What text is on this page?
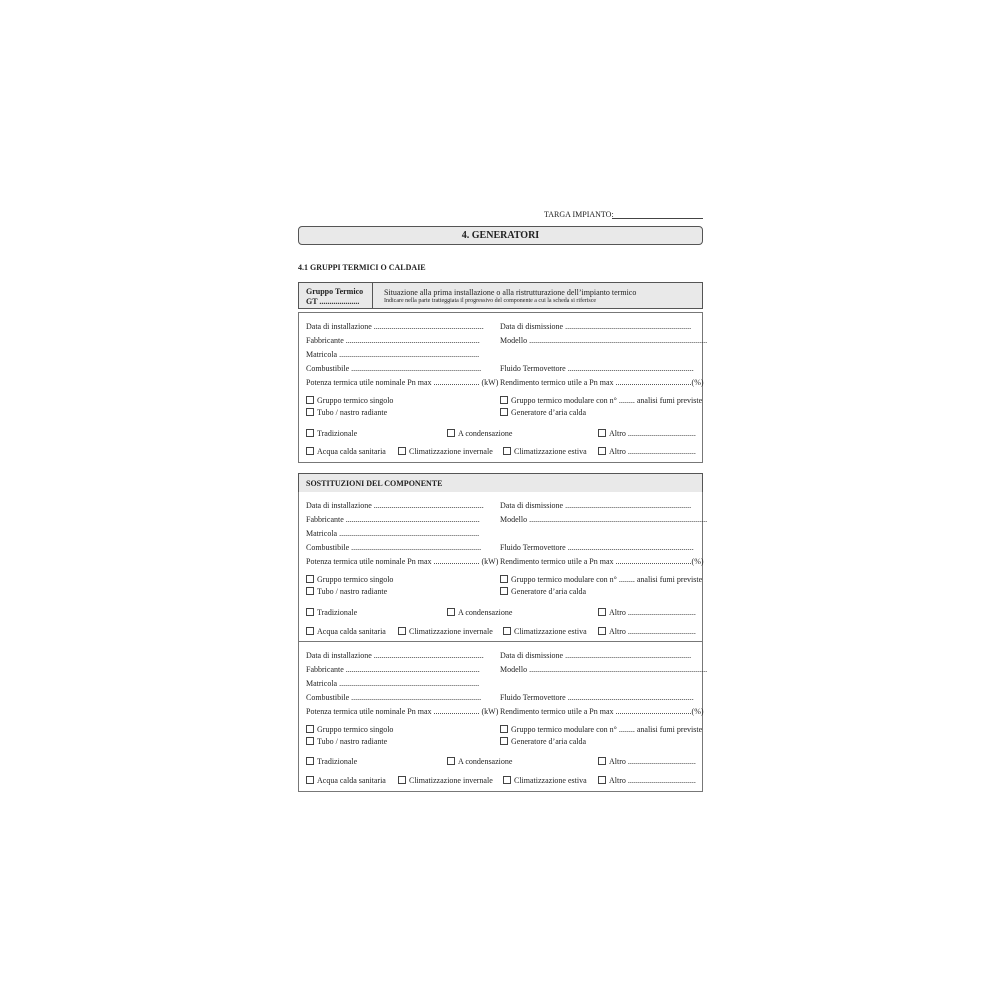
TARGA IMPIANTO:
4. GENERATORI
4.1 GRUPPI TERMICI O CALDAIE
Gruppo Termico
GT ....................
Situazione alla prima installazione o alla ristrutturazione dell’impianto termico
Indicare nella parte tratteggiata il progressivo del componente a cui la scheda si riferisce
Data di installazione ....................................................... Data di dismissione ...............................................................
Fabbricante ...................................................................	Modello .........................................................................................
Matricola ......................................................................
Combustibile ................................................................. Fluido Termovettore ...............................................................
Potenza termica utile nominale Pn max ....................... (kW) Rendimento termico utile a Pn max ......................................(%)
Gruppo termico singolo	Gruppo termico modulare con n° ........ analisi fumi previste
Tubo / nastro radiante	Generatore d’aria calda
Tradizionale	A condensazione	Altro ..................................
Acqua calda sanitaria	Climatizzazione invernale	Climatizzazione estiva	Altro ..................................
SOSTITUZIONI DEL COMPONENTE
Data di installazione ....................................................... Data di dismissione ...............................................................
Fabbricante ...................................................................	Modello .........................................................................................
Matricola ......................................................................
Combustibile ................................................................. Fluido Termovettore ...............................................................
Potenza termica utile nominale Pn max ....................... (kW) Rendimento termico utile a Pn max ......................................(%)
Gruppo termico singolo	Gruppo termico modulare con n° ........ analisi fumi previste
Tubo / nastro radiante	Generatore d’aria calda
Tradizionale	A condensazione	Altro ..................................
Acqua calda sanitaria	Climatizzazione invernale	Climatizzazione estiva	Altro ..................................
Data di installazione ....................................................... Data di dismissione ...............................................................
Fabbricante ...................................................................	Modello .........................................................................................
Matricola ......................................................................
Combustibile ................................................................. Fluido Termovettore ...............................................................
Potenza termica utile nominale Pn max ....................... (kW) Rendimento termico utile a Pn max ......................................(%)
Gruppo termico singolo	Gruppo termico modulare con n° ........ analisi fumi previste
Tubo / nastro radiante	Generatore d’aria calda
Tradizionale	A condensazione	Altro ..................................
Acqua calda sanitaria	Climatizzazione invernale	Climatizzazione estiva	Altro ..................................
